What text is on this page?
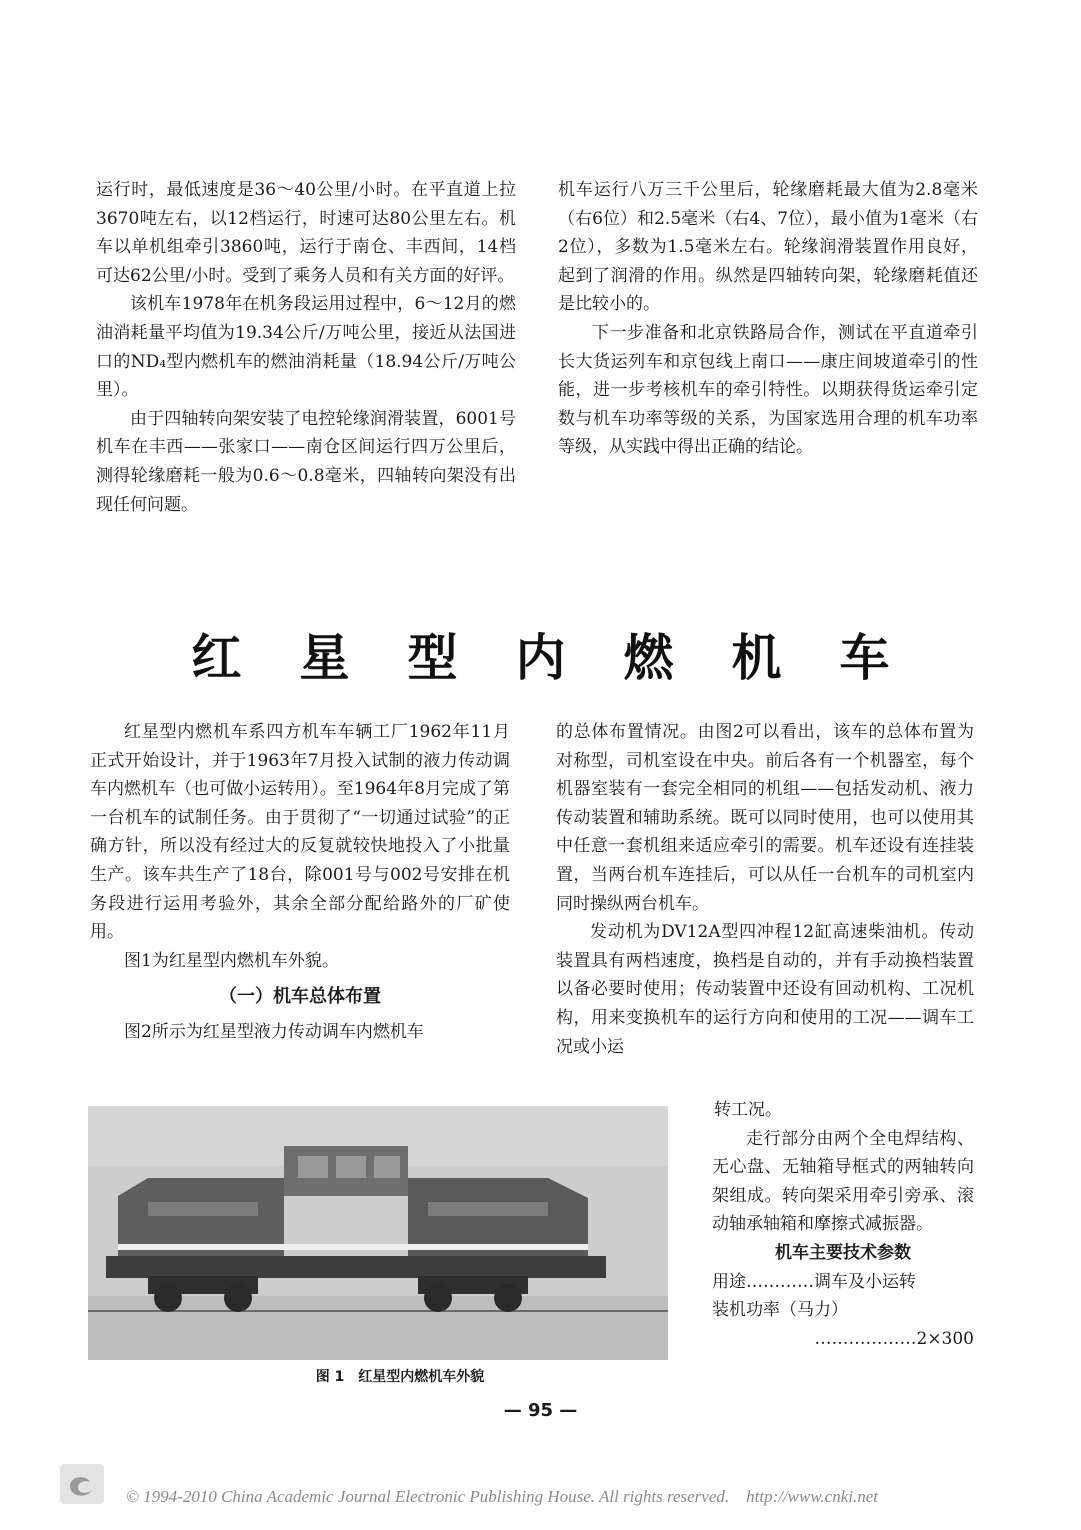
运行时，最低速度是36～40公里/小时。在平直道上拉3670吨左右，以12档运行，时速可达80公里左右。机车以单机组牵引3860吨，运行于南仓、丰西间，14档可达62公里/小时。受到了乘务人员和有关方面的好评。

该机车1978年在机务段运用过程中，6～12月的燃油消耗量平均值为19.34公斤/万吨公里，接近从法国进口的ND₄型内燃机车的燃油消耗量（18.94公斤/万吨公里）。

由于四轴转向架安装了电控轮缘润滑装置，6001号机车在丰西——张家口——南仓区间运行四万公里后，测得轮缘磨耗一般为0.6～0.8毫米，四轴转向架没有出现任何问题。

机车运行八万三千公里后，轮缘磨耗最大值为2.8毫米（右6位）和2.5毫米（右4、7位），最小值为1毫米（右2位），多数为1.5毫米左右。轮缘润滑装置作用良好，起到了润滑的作用。纵然是四轴转向架，轮缘磨耗值还是比较小的。

下一步准备和北京铁路局合作，测试在平直道牵引长大货运列车和京包线上南口——康庄间坡道牵引的性能，进一步考核机车的牵引特性。以期获得货运牵引定数与机车功率等级的关系，为国家选用合理的机车功率等级，从实践中得出正确的结论。

红星型内燃机车

红星型内燃机车系四方机车车辆工厂1962年11月正式开始设计，并于1963年7月投入试制的液力传动调车内燃机车（也可做小运转用）。至1964年8月完成了第一台机车的试制任务。由于贯彻了“一切通过试验”的正确方针，所以没有经过大的反复就较快地投入了小批量生产。该车共生产了18台，除001号与002号安排在机务段进行运用考验外，其余全部分配给路外的厂矿使用。

图1为红星型内燃机车外貌。

（一）机车总体布置

图2所示为红星型液力传动调车内燃机车

的总体布置情况。由图2可以看出，该车的总体布置为对称型，司机室设在中央。前后各有一个机器室，每个机器室装有一套完全相同的机组——包括发动机、液力传动装置和辅助系统。既可以同时使用，也可以使用其中任意一套机组来适应牵引的需要。机车还设有连挂装置，当两台机车连挂后，可以从任一台机车的司机室内同时操纵两台机车。

发动机为DV12A型四冲程12缸高速柴油机。传动装置具有两档速度，换档是自动的，并有手动换档装置以备必要时使用；传动装置中还设有回动机构、工况机构，用来变换机车的运行方向和使用的工况——调车工况或小运

转工况。

走行部分由两个全电焊结构、无心盘、无轴箱导框式的两轴转向架组成。转向架采用牵引旁承、滚动轴承轴箱和摩擦式减振器。

机车主要技术参数

用途…………调车及小运转

装机功率（马力）

………………2×300

图 1　红星型内燃机车外貌
— 95 —
© 1994-2010 China Academic Journal Electronic Publishing House. All rights reserved.　http://www.cnki.net
